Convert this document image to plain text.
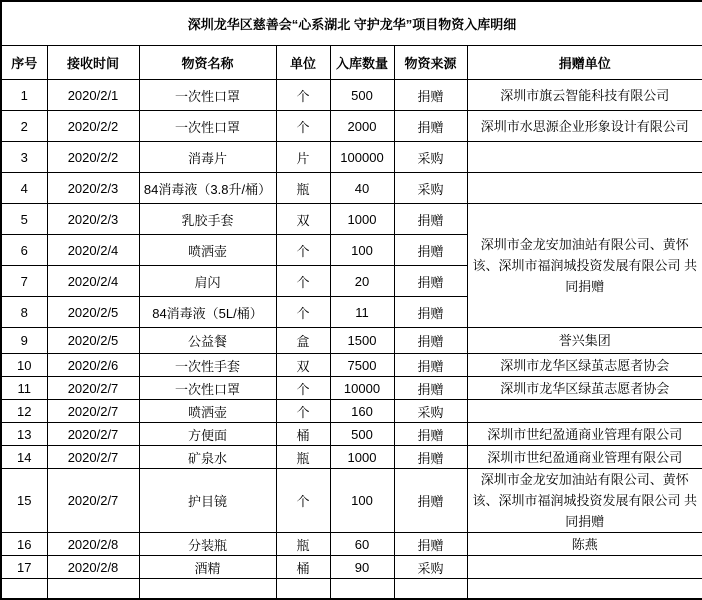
深圳龙华区慈善会“心系湖北 守护龙华”项目物资入库明细						
序号	接收时间	物资名称	单位	入库数量	物资来源	捐赠单位
1	2020/2/1	一次性口罩	个	500	捐赠	深圳市旗云智能科技有限公司
2	2020/2/2	一次性口罩	个	2000	捐赠	深圳市水思源企业形象设计有限公司
3	2020/2/2	消毒片	片	100000	采购	
4	2020/2/3	84消毒液（3.8升/桶）	瓶	40	采购	
5	2020/2/3	乳胶手套	双	1000	捐赠	深圳市金龙安加油站有限公司、黄怀该、深圳市福润城投资发展有限公司 共同捐赠
6	2020/2/4	喷洒壶	个	100	捐赠	
7	2020/2/4	肩闪	个	20	捐赠	
8	2020/2/5	84消毒液（5L/桶）	个	11	捐赠	
9	2020/2/5	公益餐	盒	1500	捐赠	誉兴集团
10	2020/2/6	一次性手套	双	7500	捐赠	深圳市龙华区绿茧志愿者协会
11	2020/2/7	一次性口罩	个	10000	捐赠	深圳市龙华区绿茧志愿者协会
12	2020/2/7	喷洒壶	个	160	采购	
13	2020/2/7	方便面	桶	500	捐赠	深圳市世纪盈通商业管理有限公司
14	2020/2/7	矿泉水	瓶	1000	捐赠	深圳市世纪盈通商业管理有限公司
15	2020/2/7	护目镜	个	100	捐赠	深圳市金龙安加油站有限公司、黄怀该、深圳市福润城投资发展有限公司 共同捐赠
16	2020/2/8	分装瓶	瓶	60	捐赠	陈燕
17	2020/2/8	酒精	桶	90	采购	
